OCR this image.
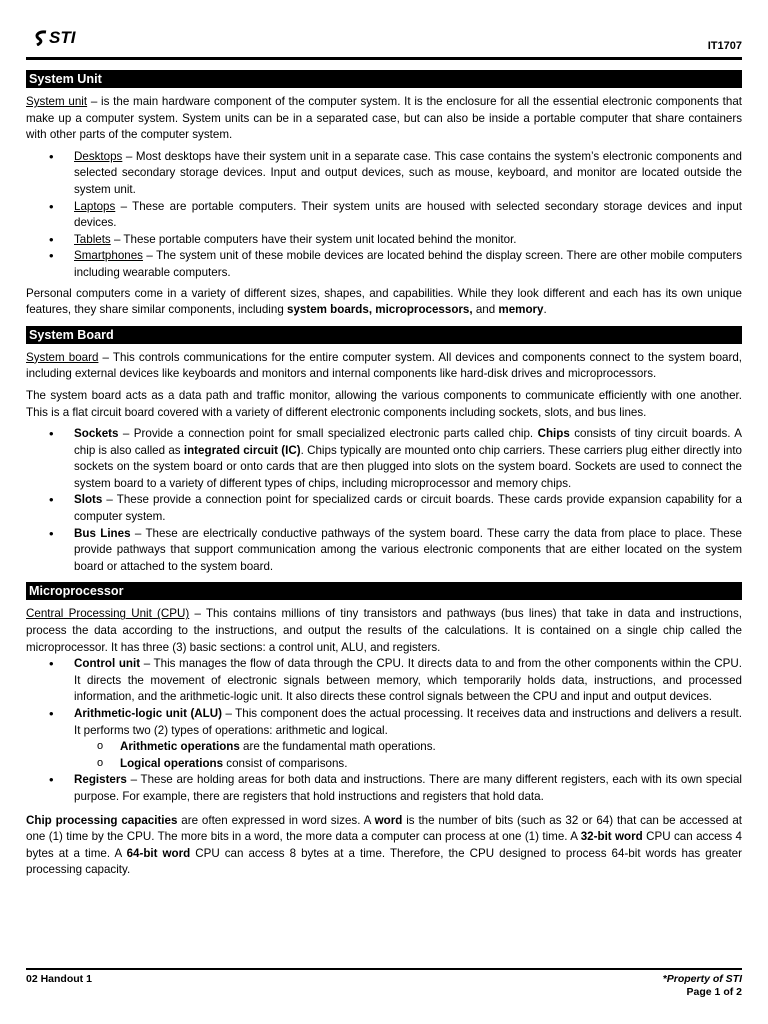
STI	IT1707
System Unit

System unit – is the main hardware component of the computer system. It is the enclosure for all the essential electronic components that make up a computer system. System units can be in a separated case, but can also be inside a portable computer that share containers with other parts of the computer system.

• Desktops – Most desktops have their system unit in a separate case. This case contains the system’s electronic components and selected secondary storage devices. Input and output devices, such as mouse, keyboard, and monitor are located outside the system unit.
• Laptops – These are portable computers. Their system units are housed with selected secondary storage devices and input devices.
• Tablets – These portable computers have their system unit located behind the monitor.
• Smartphones – The system unit of these mobile devices are located behind the display screen. There are other mobile computers including wearable computers.

Personal computers come in a variety of different sizes, shapes, and capabilities. While they look different and each has its own unique features, they share similar components, including system boards, microprocessors, and memory.

System Board

System board – This controls communications for the entire computer system. All devices and components connect to the system board, including external devices like keyboards and monitors and internal components like hard-disk drives and microprocessors.

The system board acts as a data path and traffic monitor, allowing the various components to communicate efficiently with one another. This is a flat circuit board covered with a variety of different electronic components including sockets, slots, and bus lines.

• Sockets – Provide a connection point for small specialized electronic parts called chip. Chips consists of tiny circuit boards. A chip is also called as integrated circuit (IC). Chips typically are mounted onto chip carriers. These carriers plug either directly into sockets on the system board or onto cards that are then plugged into slots on the system board. Sockets are used to connect the system board to a variety of different types of chips, including microprocessor and memory chips.
• Slots – These provide a connection point for specialized cards or circuit boards. These cards provide expansion capability for a computer system.
• Bus Lines – These are electrically conductive pathways of the system board. These carry the data from place to place. These provide pathways that support communication among the various electronic components that are either located on the system board or attached to the system board.
Microprocessor

Central Processing Unit (CPU) – This contains millions of tiny transistors and pathways (bus lines) that take in data and instructions, process the data according to the instructions, and output the results of the calculations. It is contained on a single chip called the microprocessor. It has three (3) basic sections: a control unit, ALU, and registers.

• Control unit – This manages the flow of data through the CPU. It directs data to and from the other components within the CPU. It directs the movement of electronic signals between memory, which temporarily holds data, instructions, and processed information, and the arithmetic-logic unit. It also directs these control signals between the CPU and input and output devices.
• Arithmetic-logic unit (ALU) – This component does the actual processing. It receives data and instructions and delivers a result. It performs two (2) types of operations: arithmetic and logical.
o Arithmetic operations are the fundamental math operations.
o Logical operations consist of comparisons.
• Registers – These are holding areas for both data and instructions. There are many different registers, each with its own special purpose. For example, there are registers that hold instructions and registers that hold data.

Chip processing capacities are often expressed in word sizes. A word is the number of bits (such as 32 or 64) that can be accessed at one (1) time by the CPU. The more bits in a word, the more data a computer can process at one (1) time. A 32-bit word CPU can access 4 bytes at a time. A 64-bit word CPU can access 8 bytes at a time. Therefore, the CPU designed to process 64-bit words has greater processing capacity.

02 Handout 1	*Property of STI
Page 1 of 2
